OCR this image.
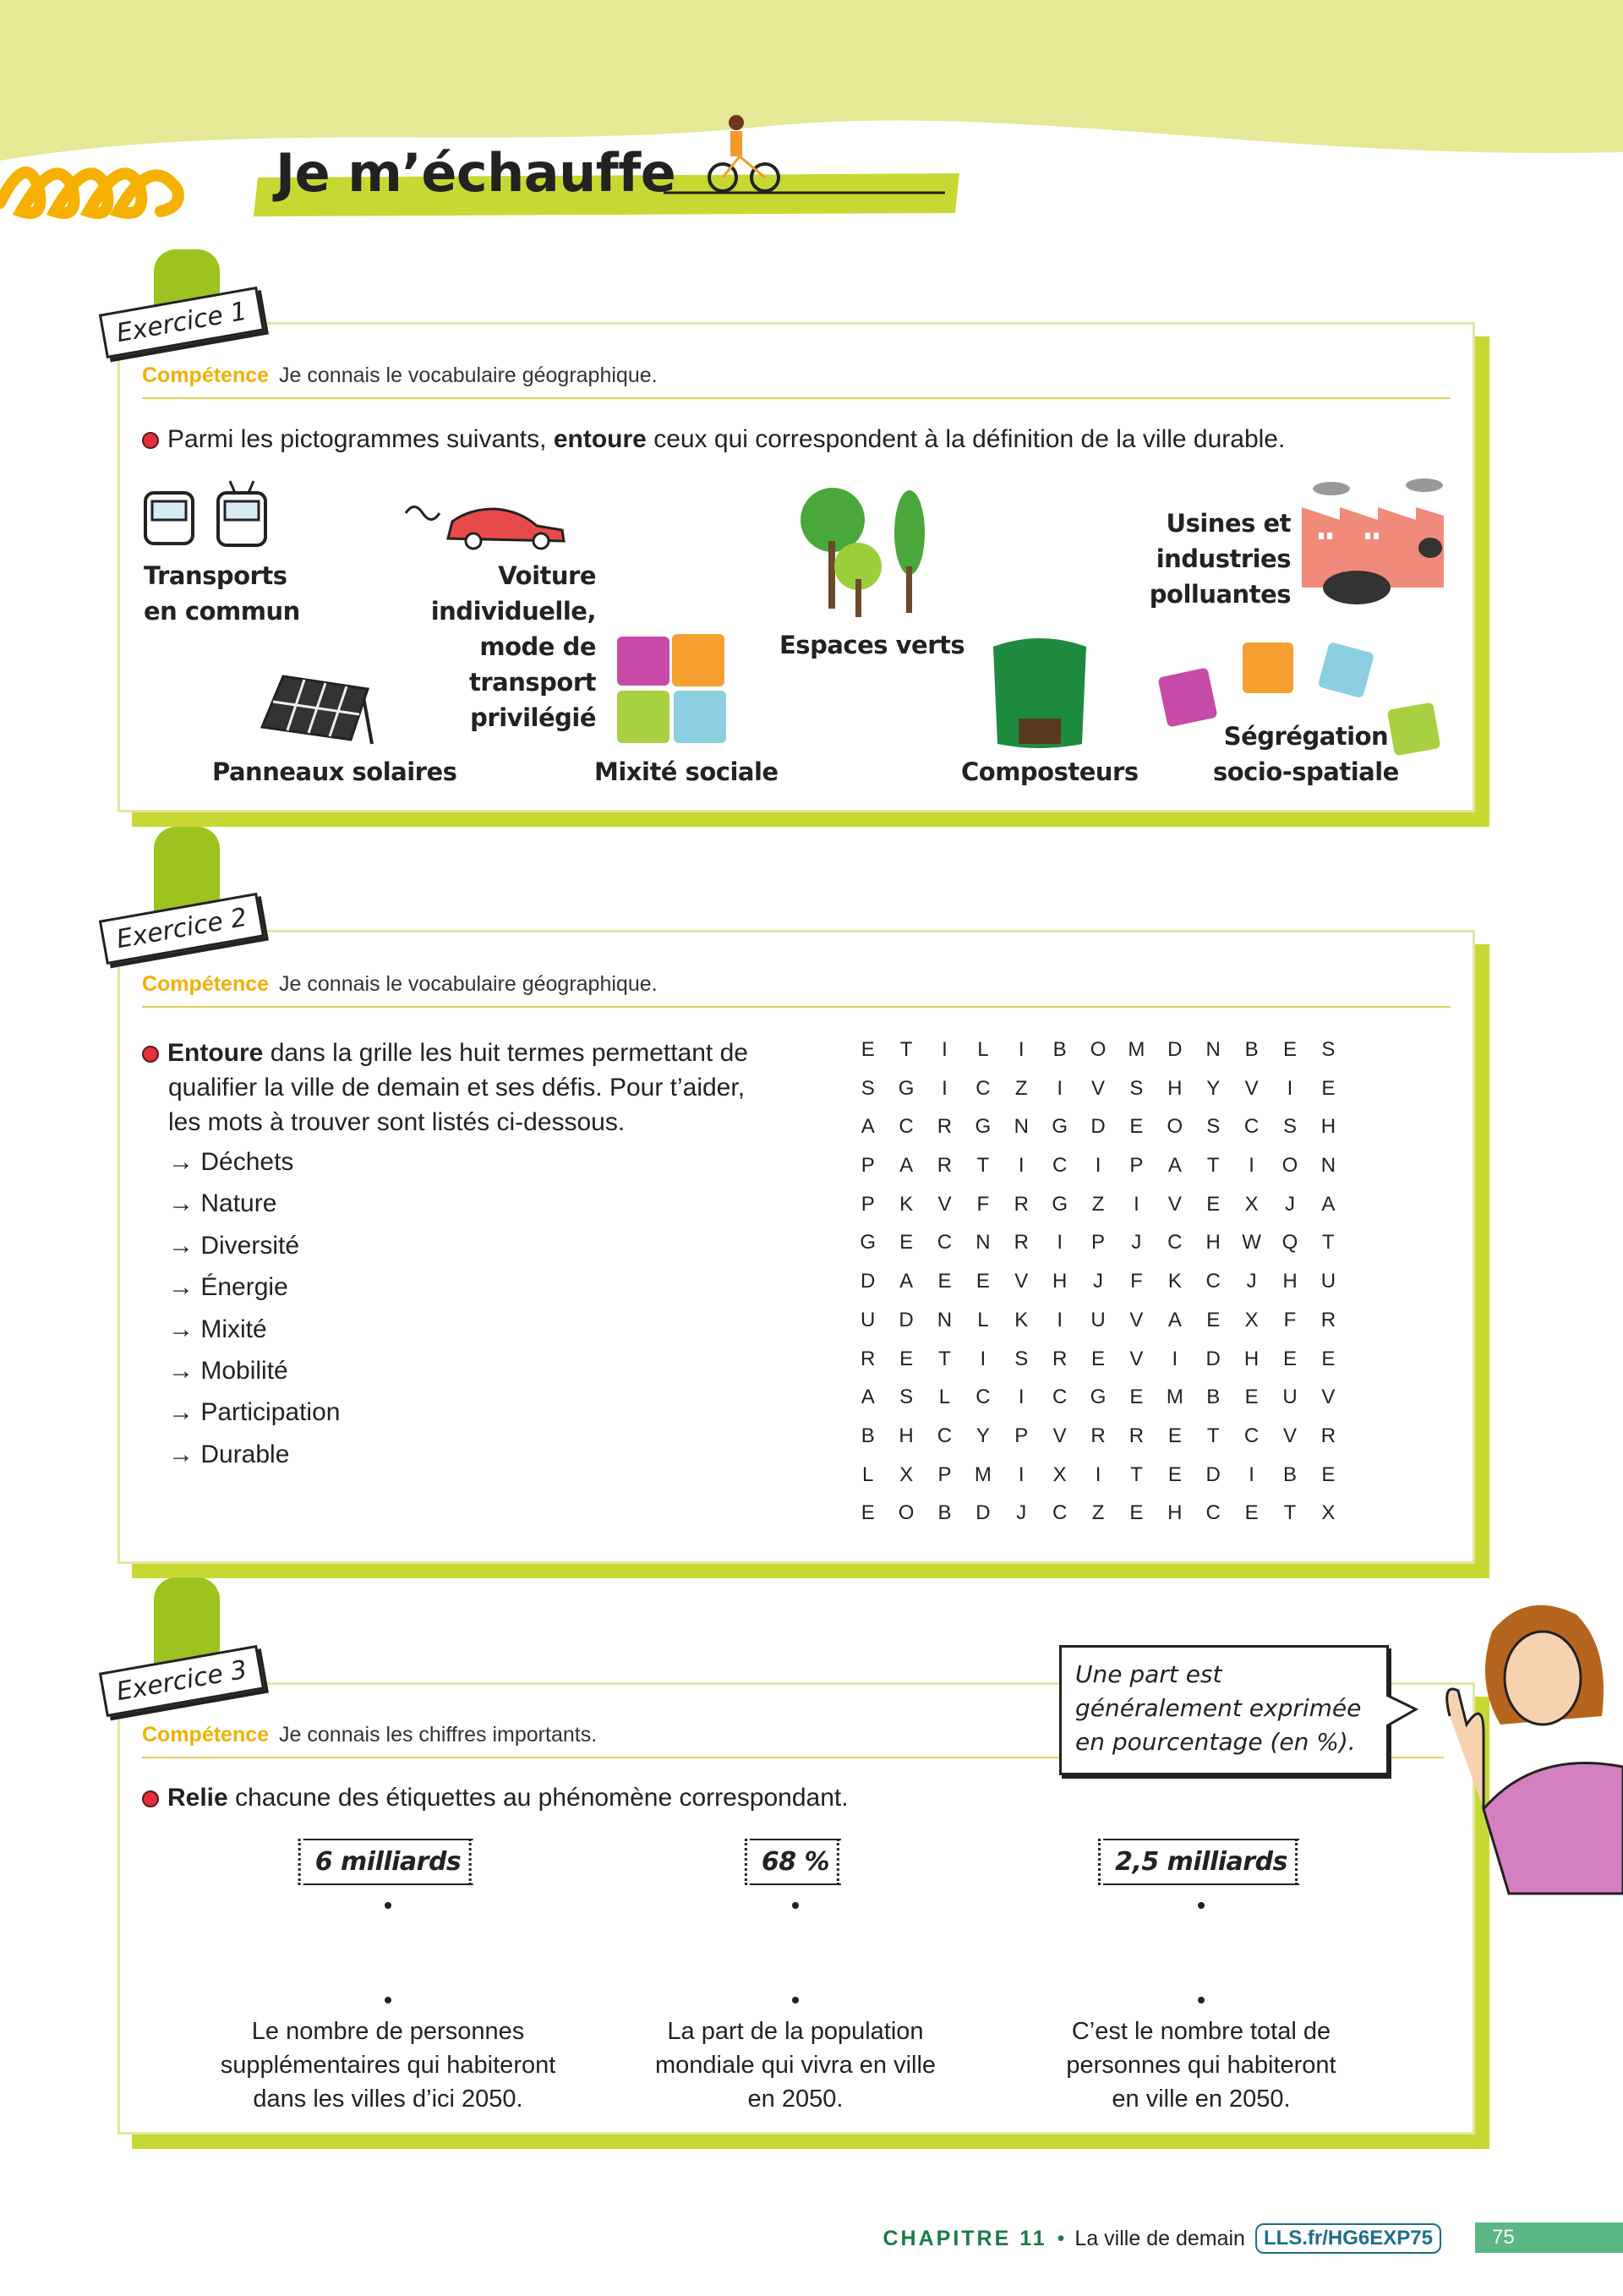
Je m’échauffe
Exercice 1
Compétence Je connais le vocabulaire géographique.
Parmi les pictogrammes suivants, entoure ceux qui correspondent à la définition de la ville durable.
Transports
en commun
Voiture individuelle,
mode de transport
privilégié
Espaces verts
Usines et industries
polluantes
Panneaux solaires	Mixité sociale	Composteurs
Ségrégation
socio-spatiale
Exercice 2
Compétence Je connais le vocabulaire géographique.
Entoure dans la grille les huit termes permettant de
qualifier la ville de demain et ses défis. Pour t’aider,
les mots à trouver sont listés ci-dessous.
→ Déchets
→ Nature
→ Diversité
→ Énergie
→ Mixité
→ Mobilité
→ Participation
→ Durable
E	T	I	L	I	B	O	M	D	N	B	E	S
S	G	I	C	Z	I	V	S	H	Y	V	I	E
A	C	R	G	N	G	D	E	O	S	C	S	H
P	A	R	T	I	C	I	P	A	T	I	O	N
P	K	V	F	R	G	Z	I	V	E	X	J	A
G	E	C	N	R	I	P	J	C	H	W	Q	T
D	A	E	E	V	H	J	F	K	C	J	H	U
U	D	N	L	K	I	U	V	A	E	X	F	R
R	E	T	I	S	R	E	V	I	D	H	E	E
A	S	L	C	I	C	G	E	M	B	E	U	V
B	H	C	Y	P	V	R	R	E	T	C	V	R
L	X	P	M	I	X	I	T	E	D	I	B	E
E	O	B	D	J	C	Z	E	H	C	E	T	X
Exercice 3
Compétence Je connais les chiffres importants.
Relie chacune des étiquettes au phénomène correspondant.
Une part est
généralement exprimée
en pourcentage (en %).
6 milliards
Le nombre de personnes
supplémentaires qui habiteront
dans les villes d’ici 2050.
68 %
La part de la population
mondiale qui vivra en ville
en 2050.
2,5 milliards
C’est le nombre total de
personnes qui habiteront
en ville en 2050.
CHAPITRE 11 • La ville de demain LLS.fr/HG6EXP75	75
